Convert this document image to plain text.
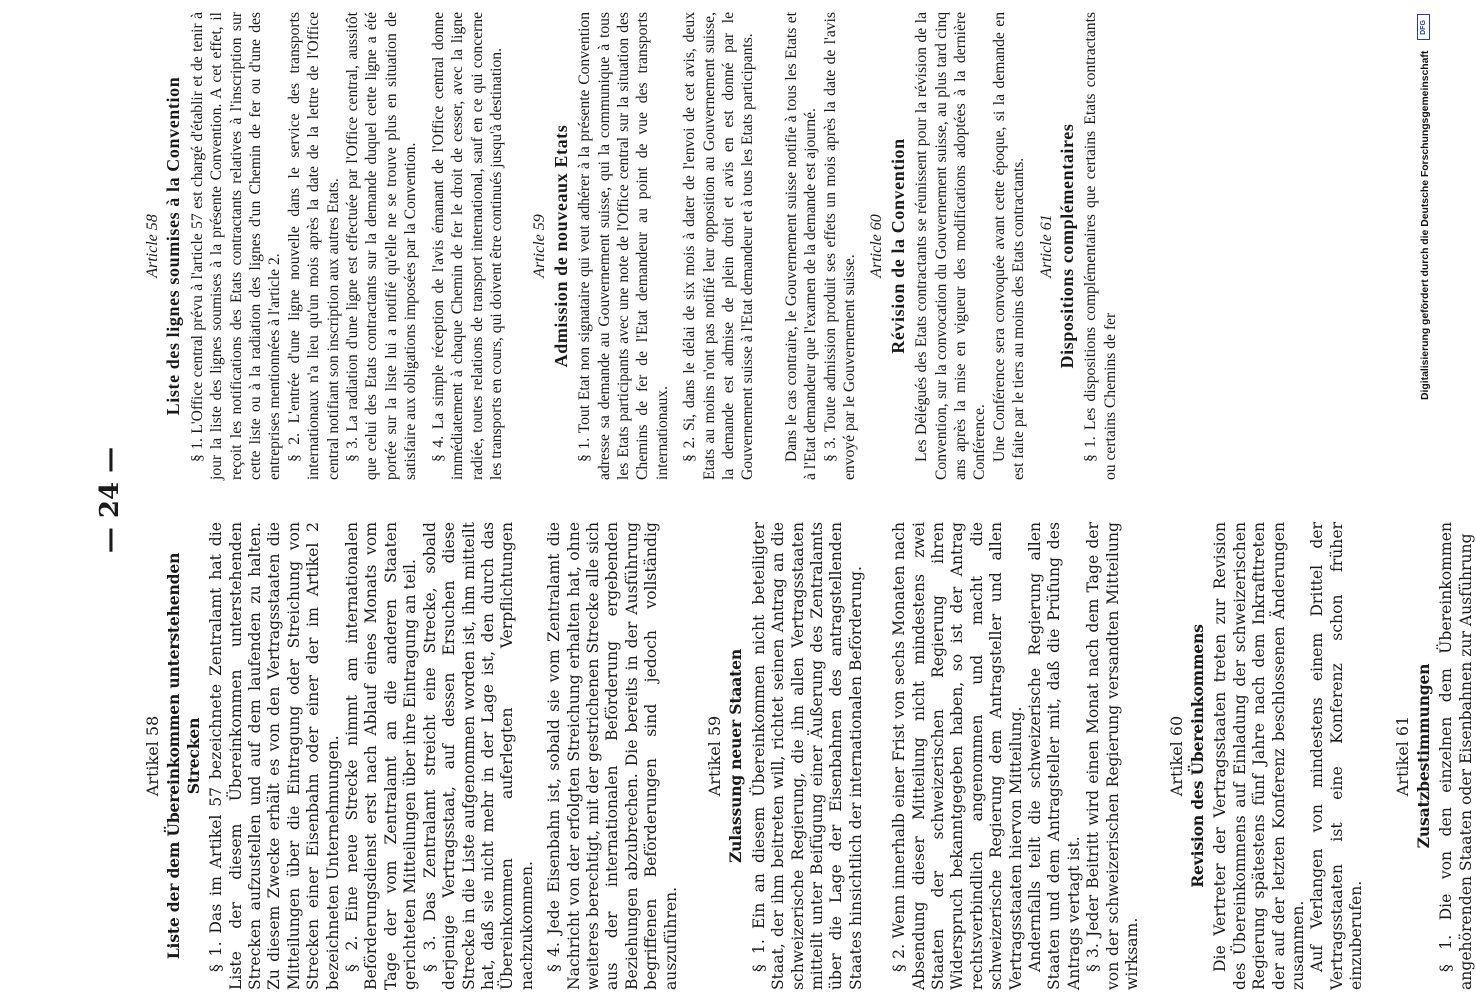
— 24 —
Artikel 58 Liste der dem Übereinkommen unterstehenden Strecken § 1. Das im Artikel 57 bezeichnete Zentralamt hat die Liste der diesem Übereinkommen unterstehenden Strecken aufzustellen und auf dem laufenden zu halten. Zu diesem Zwecke erhält es von den Vertragsstaaten die Mitteilungen über die Eintragung oder Streichung von Strecken einer Eisenbahn oder einer der im Artikel 2 bezeichneten Unternehmungen. § 2. Eine neue Strecke nimmt am internationalen Beförderungsdienst erst nach Ablauf eines Monats vom Tage der vom Zentralamt an die anderen Staaten gerichteten Mitteilungen über ihre Eintragung an teil. § 3. Das Zentralamt streicht eine Strecke, sobald derjenige Vertragsstaat, auf dessen Ersuchen diese Strecke in die Liste aufgenommen worden ist, ihm mitteilt hat, daß sie nicht mehr in der Lage ist, den durch das Übereinkommen auferlegten Verpflichtungen nachzukommen. § 4. Jede Eisenbahn ist, sobald sie vom Zentralamt die Nachricht von der erfolgten Streichung erhalten hat, ohne weiteres berechtigt, mit der gestrichenen Strecke alle sich aus der internationalen Beförderung ergebenden Beziehungen abzubrechen. Die bereits in der Ausführung begriffenen Beförderungen sind jedoch vollständig auszuführen.

Artikel 59 Zulassung neuer Staaten § 1. Ein an diesem Übereinkommen nicht beteiligter Staat, der ihm beitreten will, richtet seinen Antrag an die schweizerische Regierung, die ihn allen Vertragsstaaten mitteilt unter Beifügung einer Äußerung des Zentralamts über die Lage der Eisenbahnen des antragstellenden Staates hinsichtlich der internationalen Beförderung. § 2. Wenn innerhalb einer Frist von sechs Monaten nach Absendung dieser Mitteilung nicht mindestens zwei Staaten der schweizerischen Regierung ihren Widerspruch bekanntgegeben haben, so ist der Antrag rechtsverbindlich angenommen und macht die schweizerische Regierung dem Antragsteller und allen Vertragsstaaten hiervon Mitteilung. Andernfalls teilt die schweizerische Regierung allen Staaten und dem Antragsteller mit, daß die Prüfung des Antrags vertagt ist. § 3. Jeder Beitritt wird einen Monat nach dem Tage der von der schweizerischen Regierung versandten Mitteilung wirksam.

Artikel 60 Revision des Übereinkommens Die Vertreter der Vertragsstaaten treten zur Revision des Übereinkommens auf Einladung der schweizerischen Regierung spätestens fünf Jahre nach dem Inkrafttreten der auf der letzten Konferenz beschlossenen Änderungen zusammen. Auf Verlangen von mindestens einem Drittel der Vertragsstaaten ist eine Konferenz schon früher einzuberufen.

Artikel 61 Zusatzbestimmungen § 1. Die von den einzelnen dem Übereinkommen angehörenden Staaten oder Eisenbahnen zur Ausführung

Article 58 Liste des lignes soumises à la Convention § 1. L'Office central prévu à l'article 57 est chargé d'établir et de tenir à jour la liste des lignes soumises à la présente Convention. A cet effet, il reçoit les notifications des Etats contractants relatives à l'inscription sur cette liste ou à la radiation des lignes d'un Chemin de fer ou d'une des entreprises mentionnées à l'article 2. § 2. L'entrée d'une ligne nouvelle dans le service des transports internationaux n'a lieu qu'un mois après la date de la lettre de l'Office central notifiant son inscription aux autres Etats. § 3. La radiation d'une ligne est effectuée par l'Office central, aussitôt que celui des Etats contractants sur la demande duquel cette ligne a été portée sur la liste lui a notifié qu'elle ne se trouve plus en situation de satisfaire aux obligations imposées par la Convention. § 4. La simple réception de l'avis émanant de l'Office central donne immédiatement à chaque Chemin de fer le droit de cesser, avec la ligne radiée, toutes relations de transport international, sauf en ce qui concerne les transports en cours, qui doivent être continués jusqu'à destination. Article 59 Admission de nouveaux Etats § 1. Tout Etat non signataire qui veut adhérer à la présente Convention adresse sa demande au Gouvernement suisse, qui la communique à tous les Etats participants avec une note de l'Office central sur la situation des Chemins de fer de l'Etat demandeur au point de vue des transports internationaux. § 2. Si, dans le délai de six mois à dater de l'envoi de cet avis, deux Etats au moins n'ont pas notifié leur opposition au Gouvernement suisse, la demande est admise de plein droit et avis en est donné par le Gouvernement suisse à l'Etat demandeur et à tous les Etats participants. Dans le cas contraire, le Gouvernement suisse notifie à tous les Etats et à l'Etat demandeur que l'examen de la demande est ajourné. § 3. Toute admission produit ses effets un mois après la date de l'avis envoyé par le Gouvernement suisse.

Article 60 Révision de la Convention Les Délégués des Etats contractants se réunissent pour la révision de la Convention, sur la convocation du Gouvernement suisse, au plus tard cinq ans après la mise en vigueur des modifications adoptées à la dernière Conférence. Une Conférence sera convoquée avant cette époque, si la demande en est faite par le tiers au moins des Etats contractants. Article 61 Dispositions complémentaires § 1. Les dispositions complémentaires que certains Etats contractants ou certains Chemins de fer

DFG
Digitalisierung gefördert durch die Deutsche Forschungsgemeinschaft
